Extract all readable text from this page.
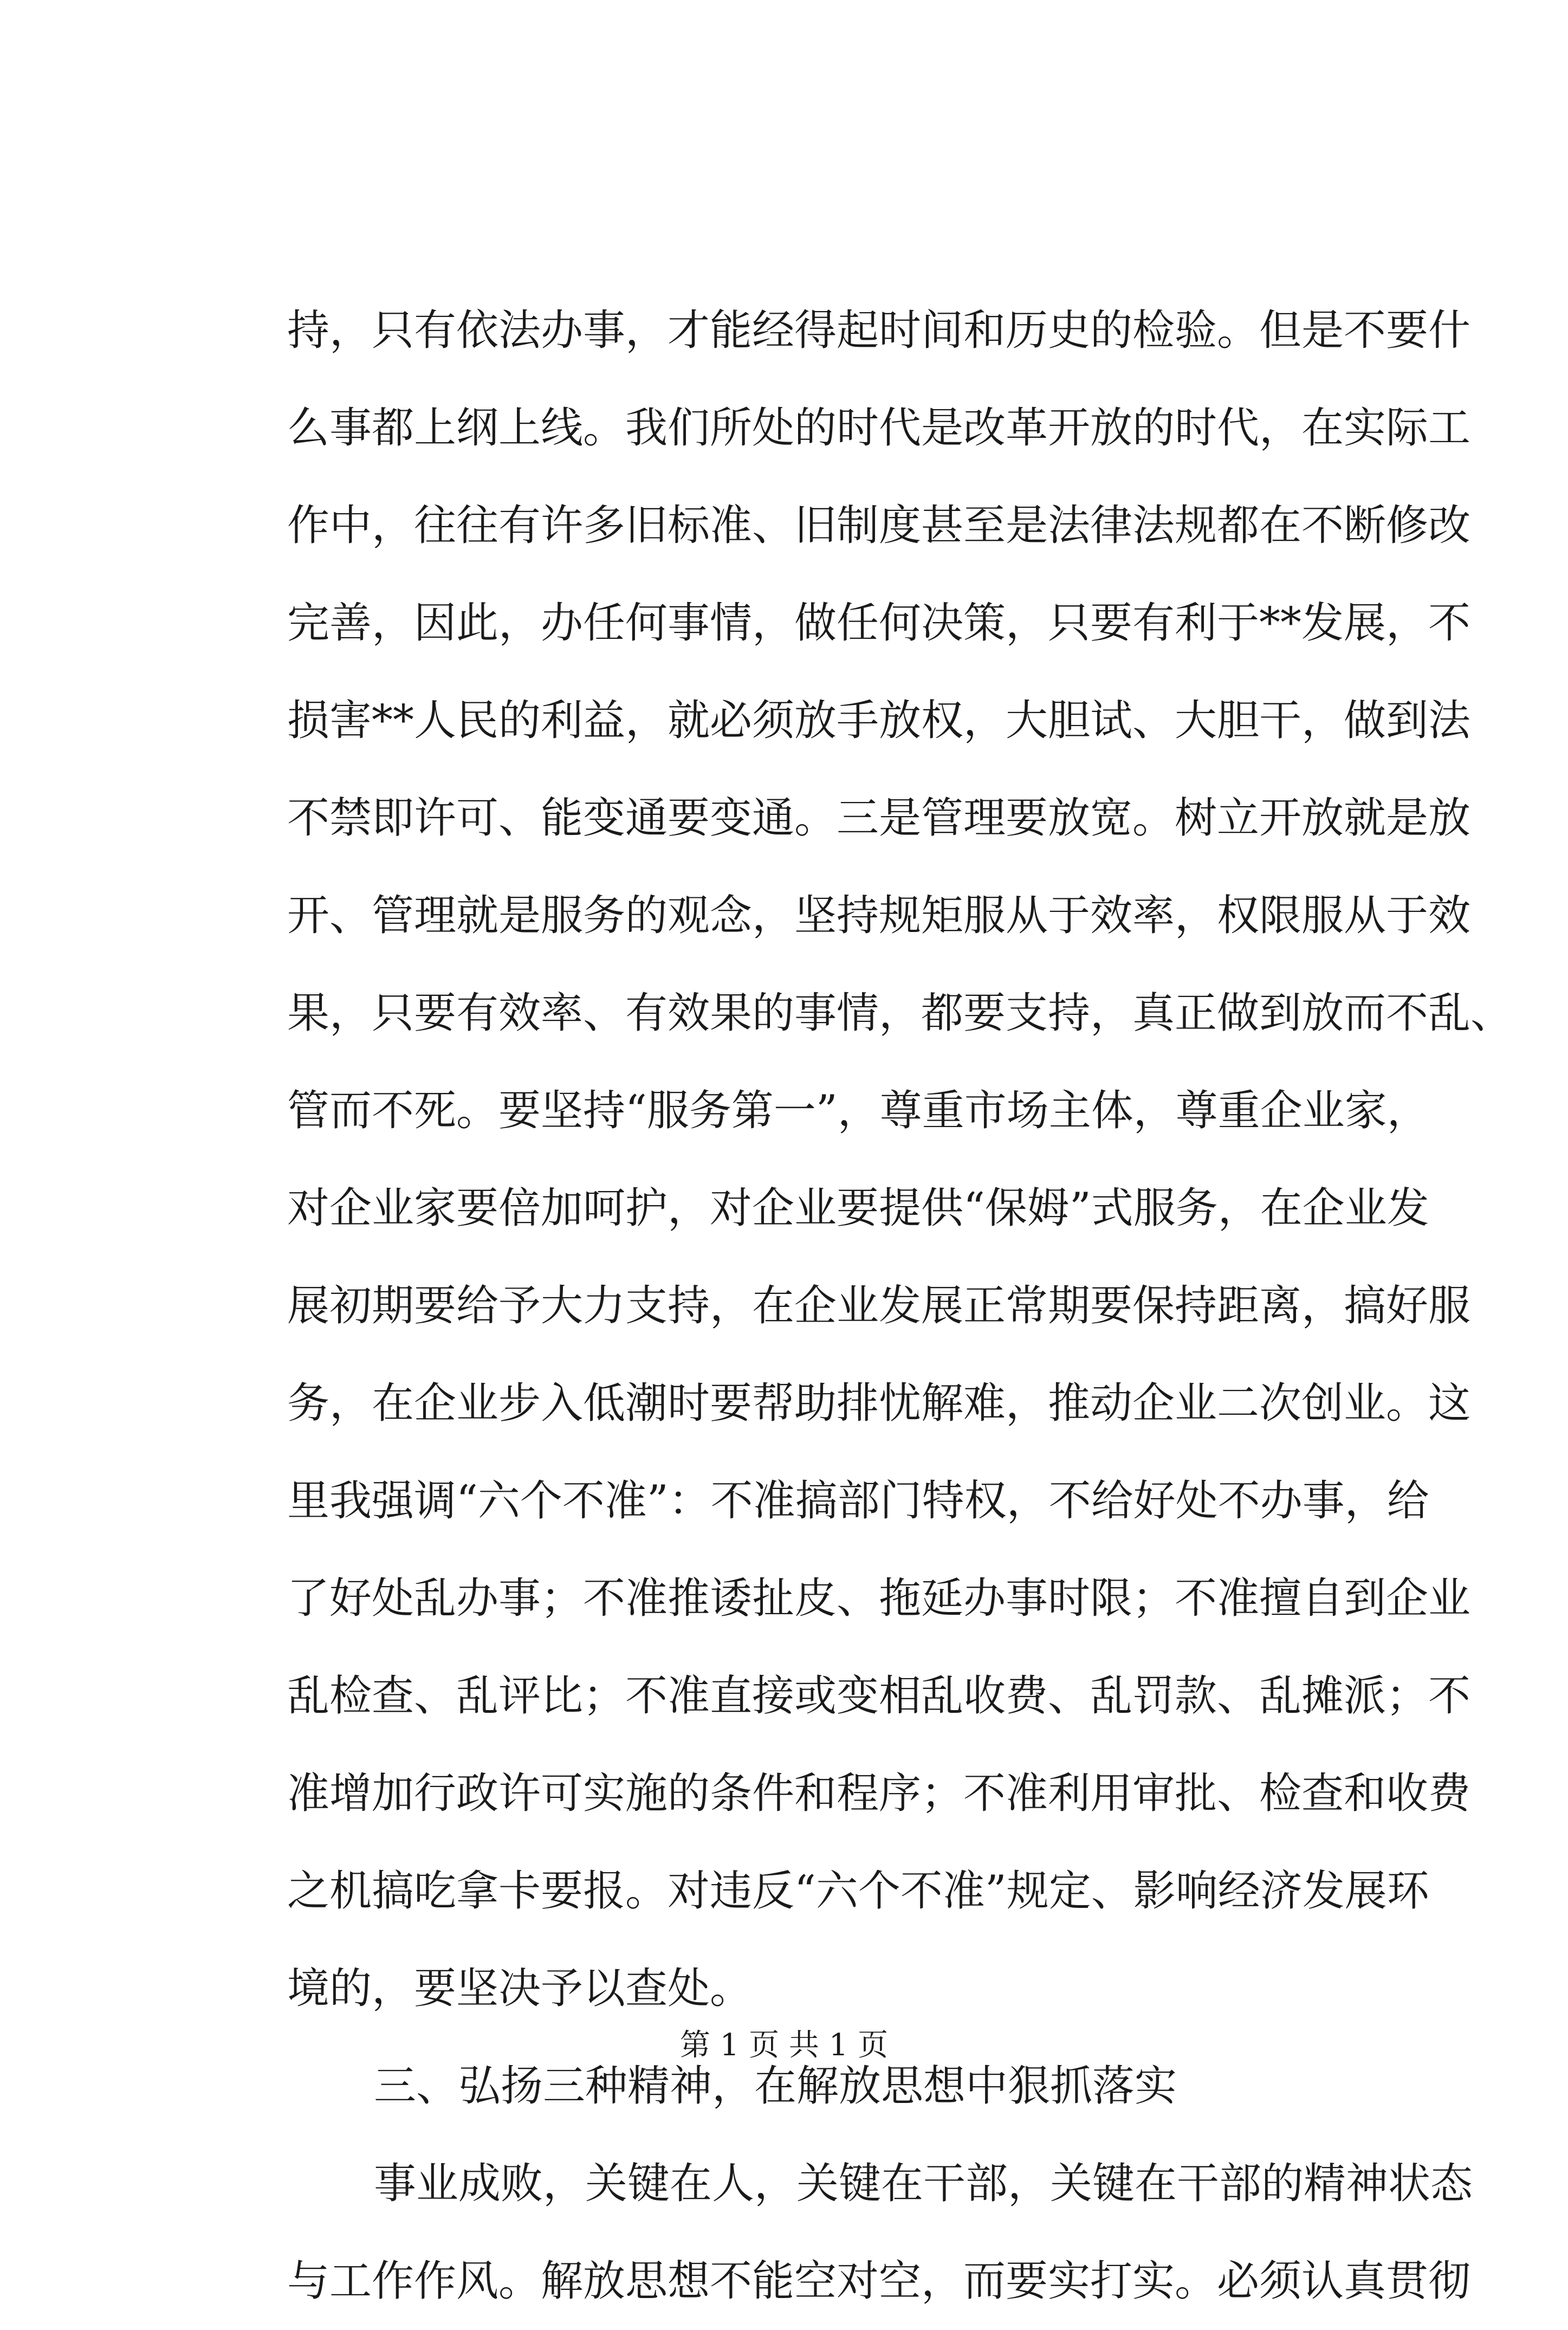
持，只有依法办事，才能经得起时间和历史的检验。但是不要什
么事都上纲上线。我们所处的时代是改革开放的时代，在实际工
作中，往往有许多旧标准、旧制度甚至是法律法规都在不断修改
完善，因此，办任何事情，做任何决策，只要有利于**发展，不
损害**人民的利益，就必须放手放权，大胆试、大胆干，做到法
不禁即许可、能变通要变通。三是管理要放宽。树立开放就是放
开、管理就是服务的观念，坚持规矩服从于效率，权限服从于效
果，只要有效率、有效果的事情，都要支持，真正做到放而不乱、
管而不死。要坚持“服务第一”，尊重市场主体，尊重企业家，
对企业家要倍加呵护，对企业要提供“保姆”式服务，在企业发
展初期要给予大力支持，在企业发展正常期要保持距离，搞好服
务，在企业步入低潮时要帮助排忧解难，推动企业二次创业。这
里我强调“六个不准”：不准搞部门特权，不给好处不办事，给
了好处乱办事；不准推诿扯皮、拖延办事时限；不准擅自到企业
乱检查、乱评比；不准直接或变相乱收费、乱罚款、乱摊派；不
准增加行政许可实施的条件和程序；不准利用审批、检查和收费
之机搞吃拿卡要报。对违反“六个不准”规定、影响经济发展环
境的，要坚决予以查处。
三、弘扬三种精神，在解放思想中狠抓落实
事业成败，关键在人，关键在干部，关键在干部的精神状态
与工作作风。解放思想不能空对空，而要实打实。必须认真贯彻
第 1 页 共 1 页
